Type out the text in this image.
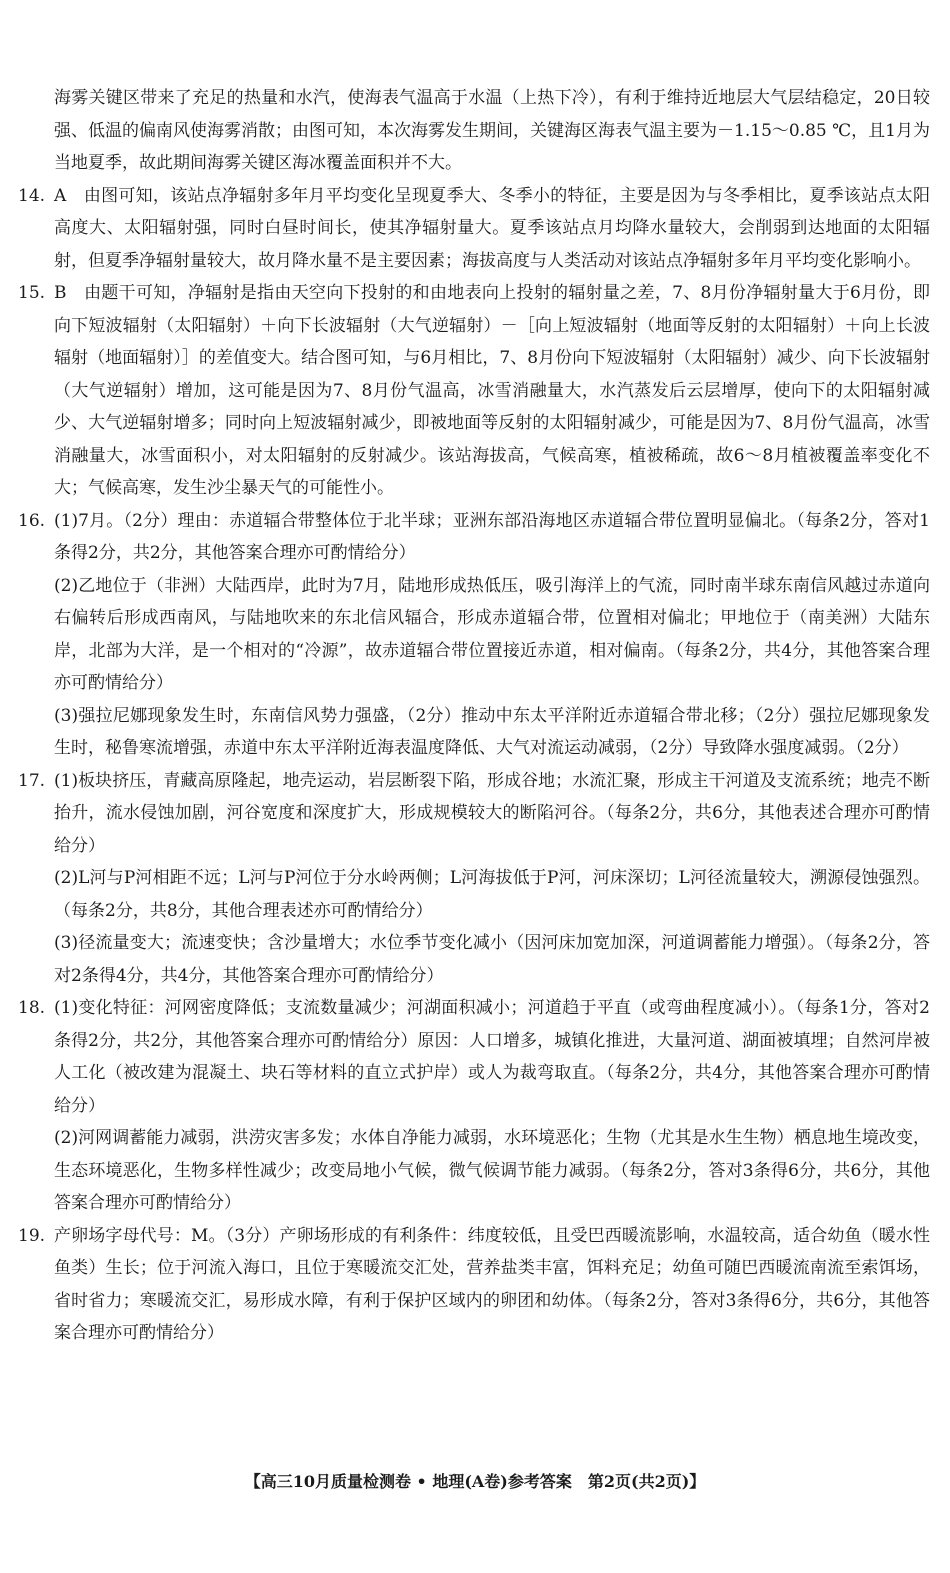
海雾关键区带来了充足的热量和水汽，使海表气温高于水温（上热下冷），有利于维持近地层大气层结稳定，20日较强、低温的偏南风使海雾消散；由图可知，本次海雾发生期间，关键海区海表气温主要为－1.15～0.85 ℃，且1月为当地夏季，故此期间海雾关键区海冰覆盖面积并不大。

14. A　由图可知，该站点净辐射多年月平均变化呈现夏季大、冬季小的特征，主要是因为与冬季相比，夏季该站点太阳高度大、太阳辐射强，同时白昼时间长，使其净辐射量大。夏季该站点月均降水量较大，会削弱到达地面的太阳辐射，但夏季净辐射量较大，故月降水量不是主要因素；海拔高度与人类活动对该站点净辐射多年月平均变化影响小。

15. B　由题干可知，净辐射是指由天空向下投射的和由地表向上投射的辐射量之差，7、8月份净辐射量大于6月份，即向下短波辐射（太阳辐射）＋向下长波辐射（大气逆辐射）－［向上短波辐射（地面等反射的太阳辐射）＋向上长波辐射（地面辐射）］的差值变大。结合图可知，与6月相比，7、8月份向下短波辐射（太阳辐射）减少、向下长波辐射（大气逆辐射）增加，这可能是因为7、8月份气温高，冰雪消融量大，水汽蒸发后云层增厚，使向下的太阳辐射减少、大气逆辐射增多；同时向上短波辐射减少，即被地面等反射的太阳辐射减少，可能是因为7、8月份气温高，冰雪消融量大，冰雪面积小，对太阳辐射的反射减少。该站海拔高，气候高寒，植被稀疏，故6～8月植被覆盖率变化不大；气候高寒，发生沙尘暴天气的可能性小。

16. (1)7月。（2分）理由：赤道辐合带整体位于北半球；亚洲东部沿海地区赤道辐合带位置明显偏北。（每条2分，答对1条得2分，共2分，其他答案合理亦可酌情给分）

(2)乙地位于（非洲）大陆西岸，此时为7月，陆地形成热低压，吸引海洋上的气流，同时南半球东南信风越过赤道向右偏转后形成西南风，与陆地吹来的东北信风辐合，形成赤道辐合带，位置相对偏北；甲地位于（南美洲）大陆东岸，北部为大洋，是一个相对的“冷源”，故赤道辐合带位置接近赤道，相对偏南。（每条2分，共4分，其他答案合理亦可酌情给分）

(3)强拉尼娜现象发生时，东南信风势力强盛，（2分）推动中东太平洋附近赤道辐合带北移；（2分）强拉尼娜现象发生时，秘鲁寒流增强，赤道中东太平洋附近海表温度降低、大气对流运动减弱，（2分）导致降水强度减弱。（2分）

17. (1)板块挤压，青藏高原隆起，地壳运动，岩层断裂下陷，形成谷地；水流汇聚，形成主干河道及支流系统；地壳不断抬升，流水侵蚀加剧，河谷宽度和深度扩大，形成规模较大的断陷河谷。（每条2分，共6分，其他表述合理亦可酌情给分）

(2)L河与P河相距不远；L河与P河位于分水岭两侧；L河海拔低于P河，河床深切；L河径流量较大，溯源侵蚀强烈。（每条2分，共8分，其他合理表述亦可酌情给分）

(3)径流量变大；流速变快；含沙量增大；水位季节变化减小（因河床加宽加深，河道调蓄能力增强）。（每条2分，答对2条得4分，共4分，其他答案合理亦可酌情给分）

18. (1)变化特征：河网密度降低；支流数量减少；河湖面积减小；河道趋于平直（或弯曲程度减小）。（每条1分，答对2条得2分，共2分，其他答案合理亦可酌情给分）原因：人口增多，城镇化推进，大量河道、湖面被填埋；自然河岸被人工化（被改建为混凝土、块石等材料的直立式护岸）或人为裁弯取直。（每条2分，共4分，其他答案合理亦可酌情给分）

(2)河网调蓄能力减弱，洪涝灾害多发；水体自净能力减弱，水环境恶化；生物（尤其是水生生物）栖息地生境改变，生态环境恶化，生物多样性减少；改变局地小气候，微气候调节能力减弱。（每条2分，答对3条得6分，共6分，其他答案合理亦可酌情给分）

19. 产卵场字母代号：M。（3分）产卵场形成的有利条件：纬度较低，且受巴西暖流影响，水温较高，适合幼鱼（暖水性鱼类）生长；位于河流入海口，且位于寒暖流交汇处，营养盐类丰富，饵料充足；幼鱼可随巴西暖流南流至索饵场，省时省力；寒暖流交汇，易形成水障，有利于保护区域内的卵团和幼体。（每条2分，答对3条得6分，共6分，其他答案合理亦可酌情给分）

【高三10月质量检测卷 • 地理(A卷)参考答案　第2页(共2页)】
